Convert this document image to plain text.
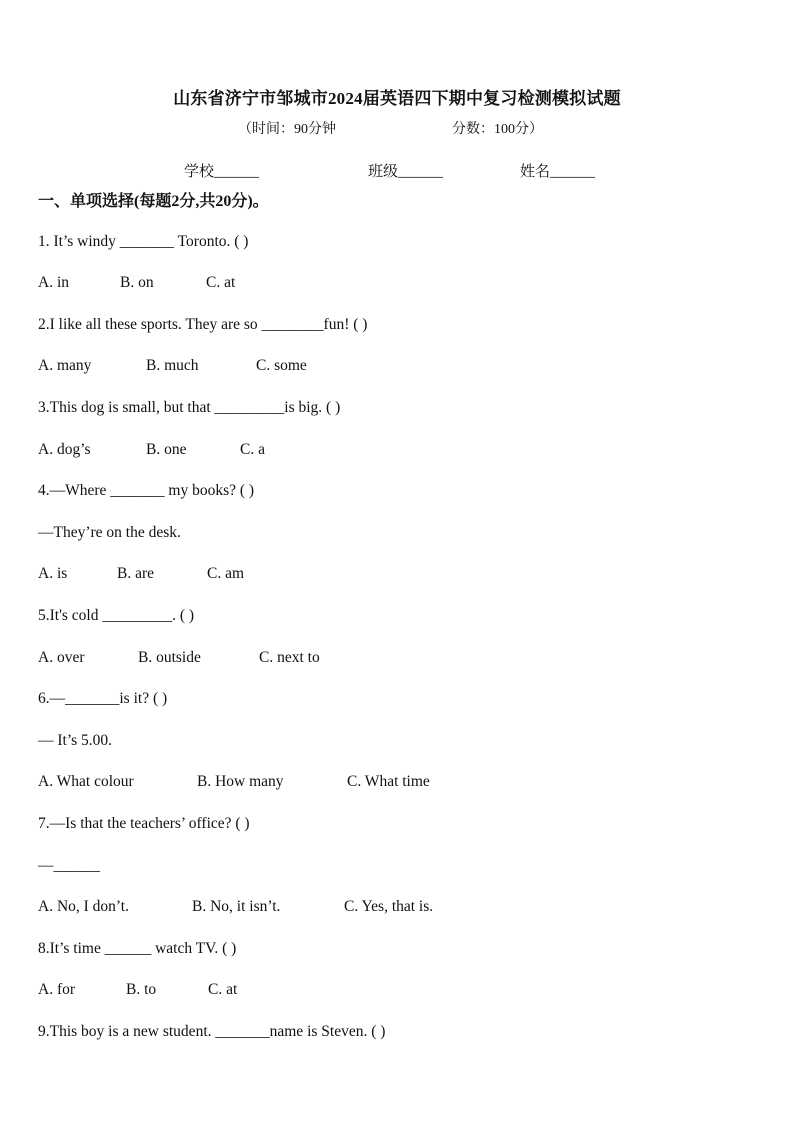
山东省济宁市邹城市2024届英语四下期中复习检测模拟试题
（时间：90分钟	分数：100分）
学校______	班级______	姓名______
一、单项选择(每题2分,共20分)。
1. It’s windy _______ Toronto. ( )
A. in	B. on	C. at
2.I like all these sports. They are so ________fun! ( )
A. many	B. much	C. some
3.This dog is small, but that _________is big. ( )
A. dog’s	B. one	C. a
4.—Where _______ my books? ( )
—They’re on the desk.
A. is	B. are	C. am
5.It's cold _________. ( )
A. over	B. outside	C. next to
6.—_______is it? ( )
— It’s 5.00.
A. What colour	B. How many	C. What time
7.—Is that the teachers’ office? ( )
—______
A. No, I don’t.	B. No, it isn’t.	C. Yes, that is.
8.It’s time ______ watch TV. ( )
A. for	B. to	C. at
9.This boy is a new student. _______name is Steven. ( )
